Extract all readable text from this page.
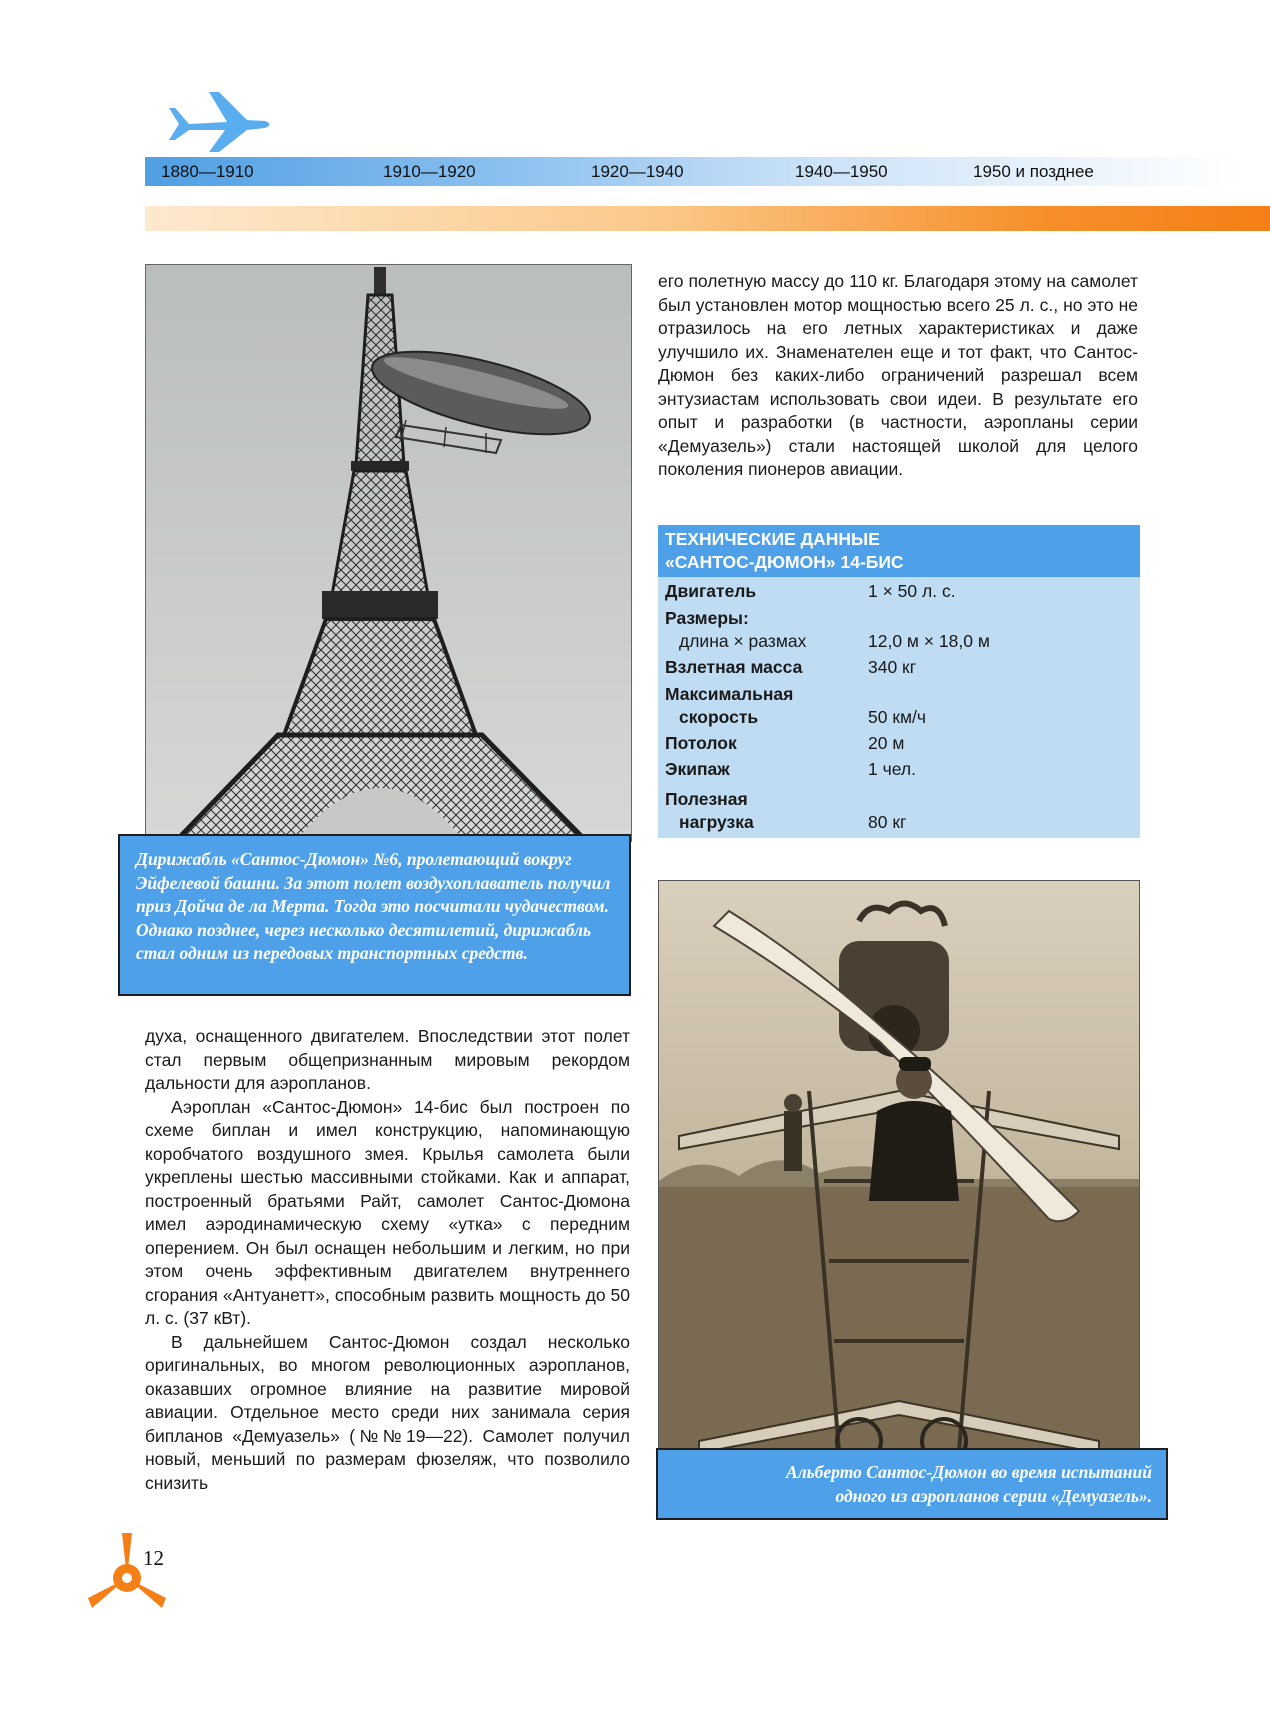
1880—1910	1910—1920	1920—1940	1940—1950	1950 и позднее
Дирижабль «Сантос-Дюмон» №6, пролетающий вокруг Эйфелевой башни. За этот полет воздухоплаватель получил приз Дойча де ла Мерта. Тогда это посчитали чудачеством. Однако позднее, через несколько десятилетий, дирижабль стал одним из передовых транспортных средств.

духа, оснащенного двигателем. Впоследствии этот полет стал первым общепризнанным мировым рекордом дальности для аэропланов.

Аэроплан «Сантос-Дюмон» 14-бис был построен по схеме биплан и имел конструкцию, напоминающую коробчатого воздушного змея. Крылья самолета были укреплены шестью массивными стойками. Как и аппарат, построенный братьями Райт, самолет Сантос-Дюмона имел аэродинамическую схему «утка» с передним оперением. Он был оснащен небольшим и легким, но при этом очень эффективным двигателем внутреннего сгорания «Антуанетт», способным развить мощность до 50 л. с. (37 кВт).

В дальнейшем Сантос-Дюмон создал несколько оригинальных, во многом революционных аэропланов, оказавших огромное влияние на развитие мировой авиации. Отдельное место среди них занимала серия бипланов «Демуазель» (№№19—22). Самолет получил новый, меньший по размерам фюзеляж, что позволило снизить

его полетную массу до 110 кг. Благодаря этому на самолет был установлен мотор мощностью всего 25 л. с., но это не отразилось на его летных характеристиках и даже улучшило их. Знаменателен еще и тот факт, что Сантос-Дюмон без каких-либо ограничений разрешал всем энтузиастам использовать свои идеи. В результате его опыт и разработки (в частности, аэропланы серии «Демуазель») стали настоящей школой для целого поколения пионеров авиации.

ТЕХНИЧЕСКИЕ ДАННЫЕ
«САНТОС-ДЮМОН» 14-БИС
Двигатель	1 × 50 л. с.
Размеры:
длина × размах	12,0 м × 18,0 м
Взлетная масса	340 кг
Максимальная
скорость	50 км/ч
Потолок	20 м
Экипаж	1 чел.
Полезная
нагрузка	80 кг
Альберто Сантос-Дюмон во время испытаний
одного из аэропланов серии «Демуазель».
12
